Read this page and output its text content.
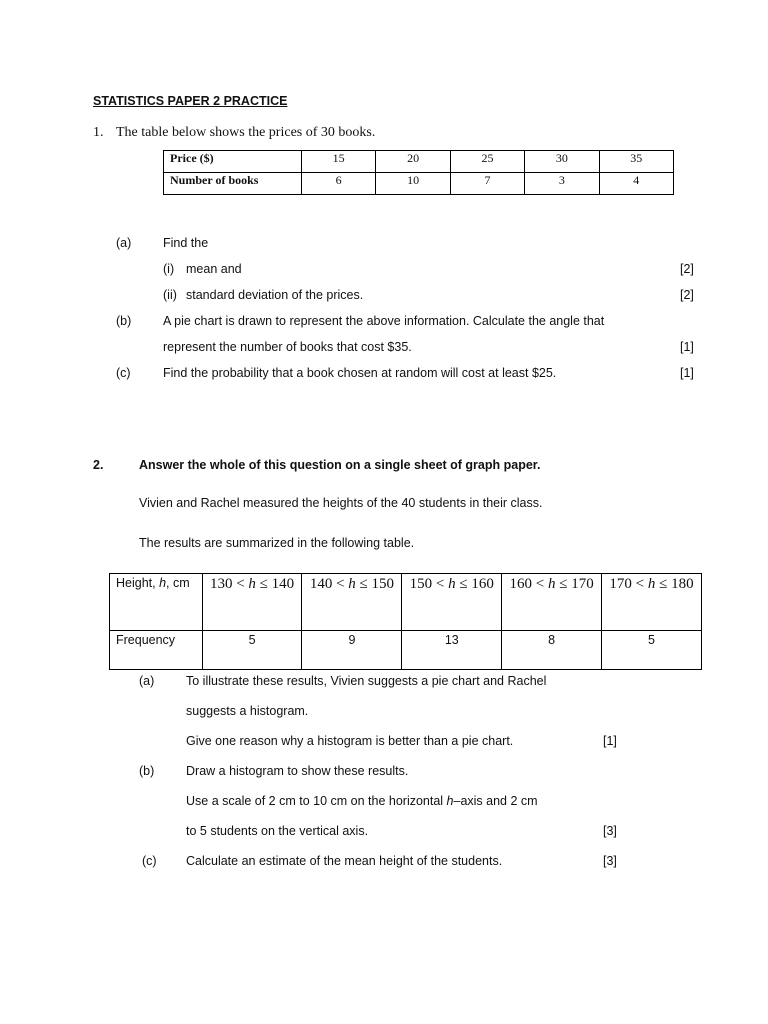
STATISTICS PAPER 2 PRACTICE
1. The table below shows the prices of 30 books.
Price ($)	15	20	25	30	35
Number of books	6	10	7	3	4
(a)	Find the
(i) mean and	[2]
(ii) standard deviation of the prices.	[2]
(b)	A pie chart is drawn to represent the above information. Calculate the angle that
represent the number of books that cost $35.	[1]
(c)	Find the probability that a book chosen at random will cost at least $25.	[1]
2.	Answer the whole of this question on a single sheet of graph paper.
Vivien and Rachel measured the heights of the 40 students in their class.
The results are summarized in the following table.
Height, h, cm	130 < h ≤ 140	140 < h ≤ 150	150 < h ≤ 160	160 < h ≤ 170	170 < h ≤ 180
Frequency	5	9	13	8	5
(a)	To illustrate these results, Vivien suggests a pie chart and Rachel
suggests a histogram.
Give one reason why a histogram is better than a pie chart.	[1]
(b)	Draw a histogram to show these results.
Use a scale of 2 cm to 10 cm on the horizontal h–axis and 2 cm
to 5 students on the vertical axis.	[3]
(c) Calculate an estimate of the mean height of the students.	[3]
